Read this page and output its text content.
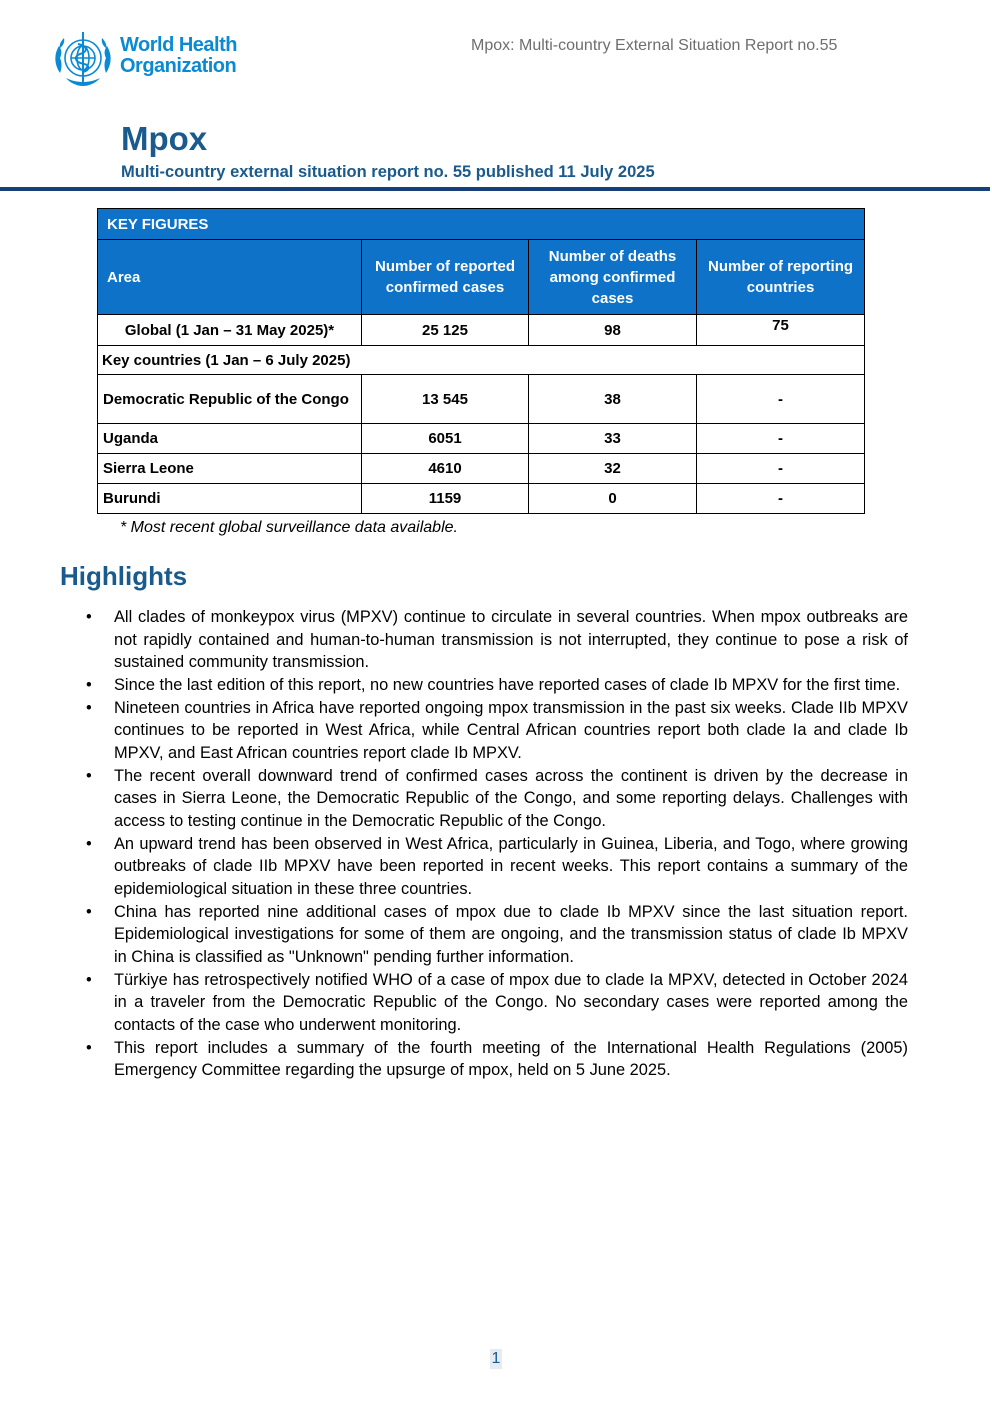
World Health
Organization
Mpox: Multi-country External Situation Report no.55
Mpox
Multi-country external situation report no. 55 published 11 July 2025
KEY FIGURES			
Area	Number of reported confirmed cases	Number of deaths among confirmed cases	Number of reporting countries
Global (1 Jan – 31 May 2025)*	25 125	98	75
Key countries (1 Jan – 6 July 2025)			

Democratic Republic of the Congo	13 545	38	-
Uganda	6051	33	-
Sierra Leone	4610	32	-
Burundi	1159	0	-
* Most recent global surveillance data available.
Highlights
• All clades of monkeypox virus (MPXV) continue to circulate in several countries. When mpox outbreaks are not rapidly contained and human-to-human transmission is not interrupted, they continue to pose a risk of sustained community transmission.
• Since the last edition of this report, no new countries have reported cases of clade Ib MPXV for the first time.
• Nineteen countries in Africa have reported ongoing mpox transmission in the past six weeks. Clade IIb MPXV continues to be reported in West Africa, while Central African countries report both clade Ia and clade Ib MPXV, and East African countries report clade Ib MPXV.
• The recent overall downward trend of confirmed cases across the continent is driven by the decrease in cases in Sierra Leone, the Democratic Republic of the Congo, and some reporting delays. Challenges with access to testing continue in the Democratic Republic of the Congo.
• An upward trend has been observed in West Africa, particularly in Guinea, Liberia, and Togo, where growing outbreaks of clade IIb MPXV have been reported in recent weeks. This report contains a summary of the epidemiological situation in these three countries.
• China has reported nine additional cases of mpox due to clade Ib MPXV since the last situation report. Epidemiological investigations for some of them are ongoing, and the transmission status of clade Ib MPXV in China is classified as "Unknown" pending further information.
• Türkiye has retrospectively notified WHO of a case of mpox due to clade Ia MPXV, detected in October 2024 in a traveler from the Democratic Republic of the Congo. No secondary cases were reported among the contacts of the case who underwent monitoring.
• This report includes a summary of the fourth meeting of the International Health Regulations (2005) Emergency Committee regarding the upsurge of mpox, held on 5 June 2025.
1
